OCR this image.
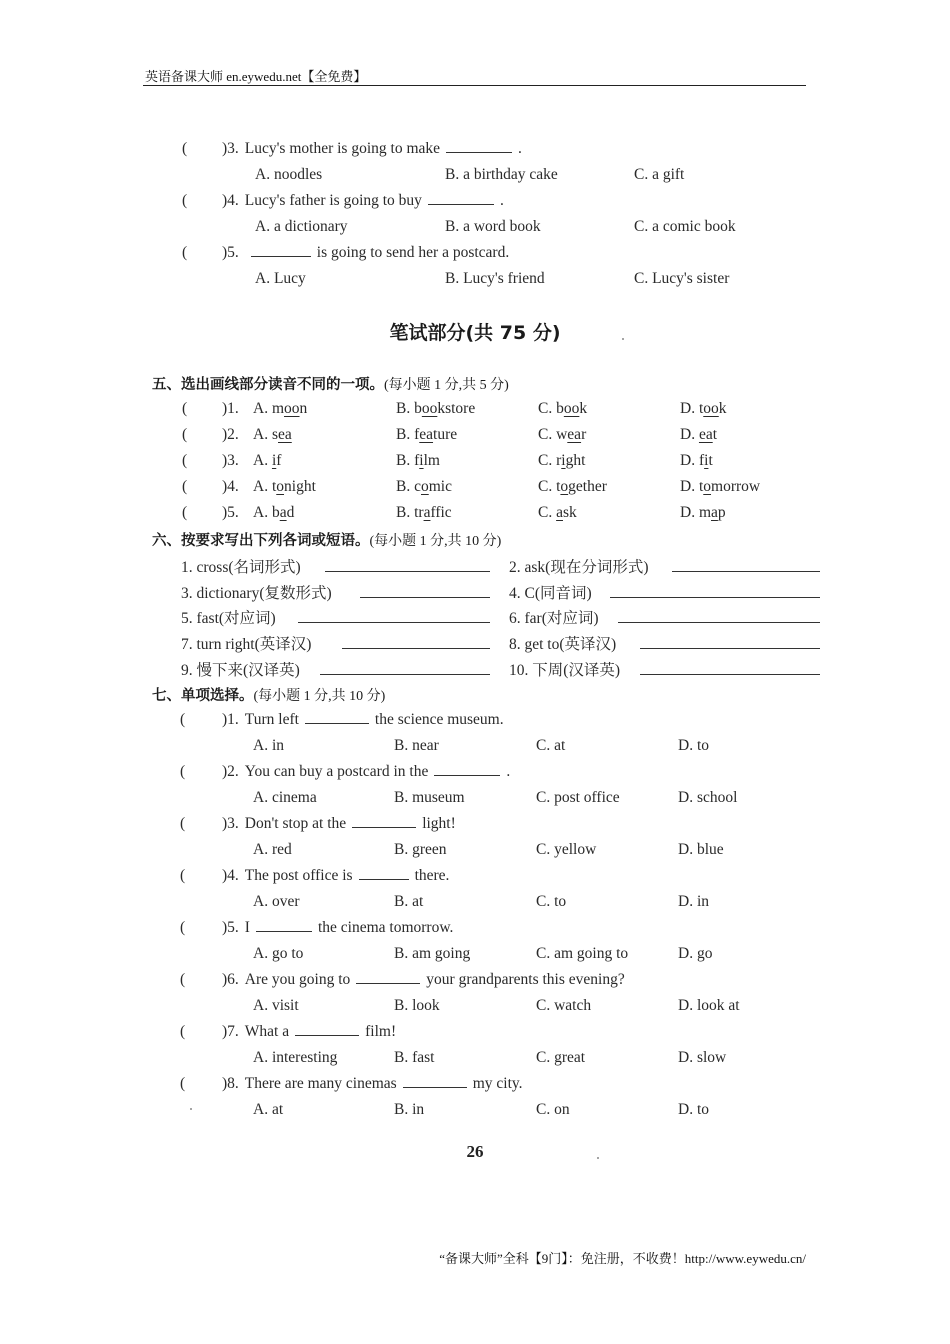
英语备课大师 en.eywedu.net【全免费】
( )3. Lucy's mother is going to make	.
A. noodles	B. a birthday cake	C. a gift
( )4. Lucy's father is going to buy	.
A. a dictionary	B. a word book	C. a comic book
( )5.	is going to send her a postcard.
A. Lucy	B. Lucy's friend	C. Lucy's sister
笔试部分(共 75 分)
五、选出画线部分读音不同的一项。(每小题 1 分,共 5 分)
( )1. A. moon	B. bookstore	C. book	D. took
( )2. A. sea	B. feature	C. wear	D. eat
( )3. A. if	B. film	C. right	D. fit
( )4. A. tonight	B. comic	C. together	D. tomorrow
( )5. A. bad	B. traffic	C. ask	D. map
六、按要求写出下列各词或短语。(每小题 1 分,共 10 分)
1. cross(名词形式)	2. ask(现在分词形式)
3. dictionary(复数形式)	4. C(同音词)
5. fast(对应词)	6. far(对应词)
7. turn right(英译汉)	8. get to(英译汉)
9. 慢下来(汉译英)	10. 下周(汉译英)
七、单项选择。(每小题 1 分,共 10 分)
( )1. Turn left	the science museum.
A. in	B. near	C. at	D. to
( )2. You can buy a postcard in the	.
A. cinema	B. museum	C. post office	D. school
( )3. Don't stop at the	light!
A. red	B. green	C. yellow	D. blue
( )4. The post office is	there.
A. over	B. at	C. to	D. in
( )5. I	the cinema tomorrow.
A. go to	B. am going	C. am going to	D. go
( )6. Are you going to	your grandparents this evening?
A. visit	B. look	C. watch	D. look at
( )7. What a	film!
A. interesting	B. fast	C. great	D. slow
( )8. There are many cinemas	my city.
A. at	B. in	C. on	D. to
26
“备课大师”全科【9门】：免注册，不收费！http://www.eywedu.cn/
